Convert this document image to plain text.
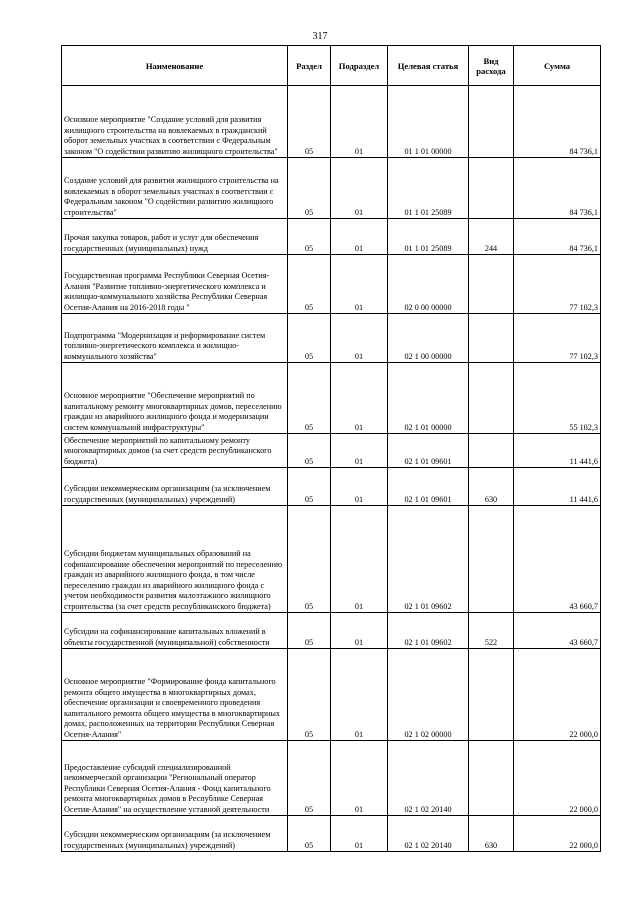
317
Наименование	Раздел	Подраздел	Целевая статья	Вид расхода	Сумма
Основное мероприятие "Создание условий для развития жилищного строительства на вовлекаемых в гражданский оборот земельных участках в соответствии с Федеральным законом "О содействии развитию жилищного строительства"	05	01	01 1 01 00000		84 736,1
Создание условий для развития жилищного строительства на вовлекаемых в оборот земельных участках в соответствии с Федеральным законом "О содействии развитию жилищного строительства"	05	01	01 1 01 25089		84 736,1
Прочая закупка товаров, работ и услуг для обеспечения государственных (муниципальных) нужд	05	01	01 1 01 25089	244	84 736,1
Государственная программа Республики Северная Осетия-Алания "Развитие топливно-энергетического комплекса и жилищно-коммунального хозяйства Республики Северная Осетия-Алания на 2016-2018 годы "	05	01	02 0 00 00000		77 102,3
Подпрограмма "Модернизация и реформирование систем топливно-энергетического комплекса и жилищно-коммунального хозяйства"	05	01	02 1 00 00000		77 102,3
Основное мероприятие "Обеспечение мероприятий по капитальному ремонту многоквартирных домов, переселению граждан из аварийного жилищного фонда и модернизации систем коммунальной инфраструктуры"	05	01	02 1 01 00000		55 102,3
Обеспечение мероприятий по капитальному ремонту многоквартирных домов (за счет средств республиканского бюджета)	05	01	02 1 01 09601		11 441,6
Субсидии некоммерческим организациям (за исключением государственных (муниципальных) учреждений)	05	01	02 1 01 09601	630	11 441,6
Субсидии бюджетам муниципальных образований на софинансирование обеспечения мероприятий по переселению граждан из аварийного жилищного фонда, в том числе переселению граждан из аварийного жилищного фонда с учетом необходимости развития малоэтажного жилищного строительства (за счет средств республиканского бюджета)	05	01	02 1 01 09602		43 660,7
Субсидии на софинансирование капитальных вложений в объекты государственной (муниципальной) собственности	05	01	02 1 01 09602	522	43 660,7
Основное мероприятие "Формирование фонда капитального ремонта общего имущества в многоквартирных домах, обеспечение организации и своевременного проведения капитального ремонта общего имущества в многоквартирных домах, расположенных на территории Республики Северная Осетия-Алания"	05	01	02 1 02 00000		22 000,0
Предоставление субсидий специализированной некоммерческой организации "Региональный оператор Республики Северная Осетия-Алания - Фонд капитального ремонта многоквартирных домов в Республике Северная Осетия-Алания" на осуществление уставной деятельности	05	01	02 1 02 20140		22 000,0
Субсидии некоммерческим организациям (за исключением государственных (муниципальных) учреждений)	05	01	02 1 02 20140	630	22 000,0
